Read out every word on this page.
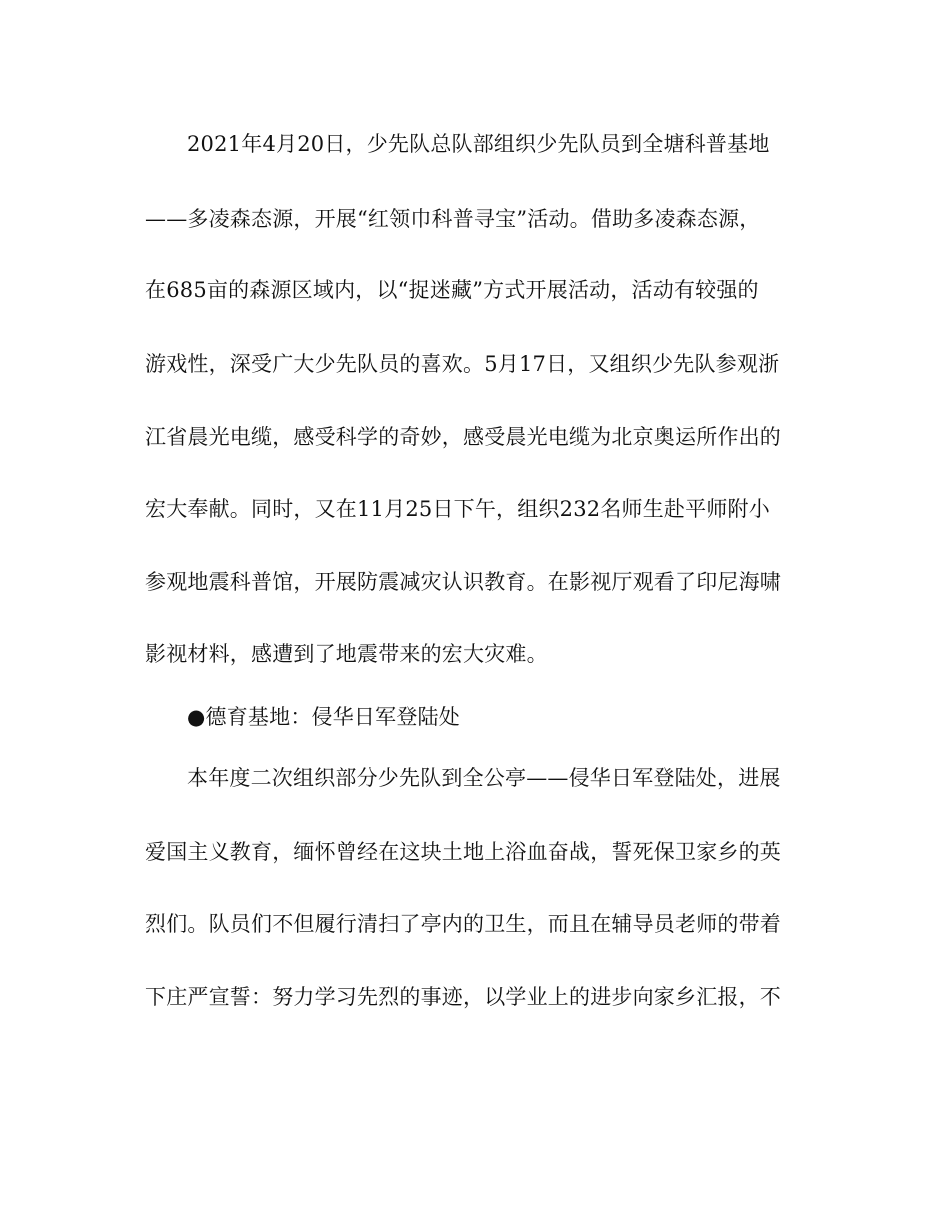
2021年4月20日，少先队总队部组织少先队员到全塘科普基地
——多凌森态源，开展“红领巾科普寻宝”活动。借助多凌森态源，
在685亩的森源区域内，以“捉迷藏”方式开展活动，活动有较强的
游戏性，深受广大少先队员的喜欢。5月17日，又组织少先队参观浙
江省晨光电缆，感受科学的奇妙，感受晨光电缆为北京奥运所作出的
宏大奉献。同时，又在11月25日下午，组织232名师生赴平师附小
参观地震科普馆，开展防震减灾认识教育。在影视厅观看了印尼海啸
影视材料，感遭到了地震带来的宏大灾难。
●德育基地：侵华日军登陆处
本年度二次组织部分少先队到全公亭——侵华日军登陆处，进展
爱国主义教育，缅怀曾经在这块土地上浴血奋战，誓死保卫家乡的英
烈们。队员们不但履行清扫了亭内的卫生，而且在辅导员老师的带着
下庄严宣誓：努力学习先烈的事迹，以学业上的进步向家乡汇报，不
